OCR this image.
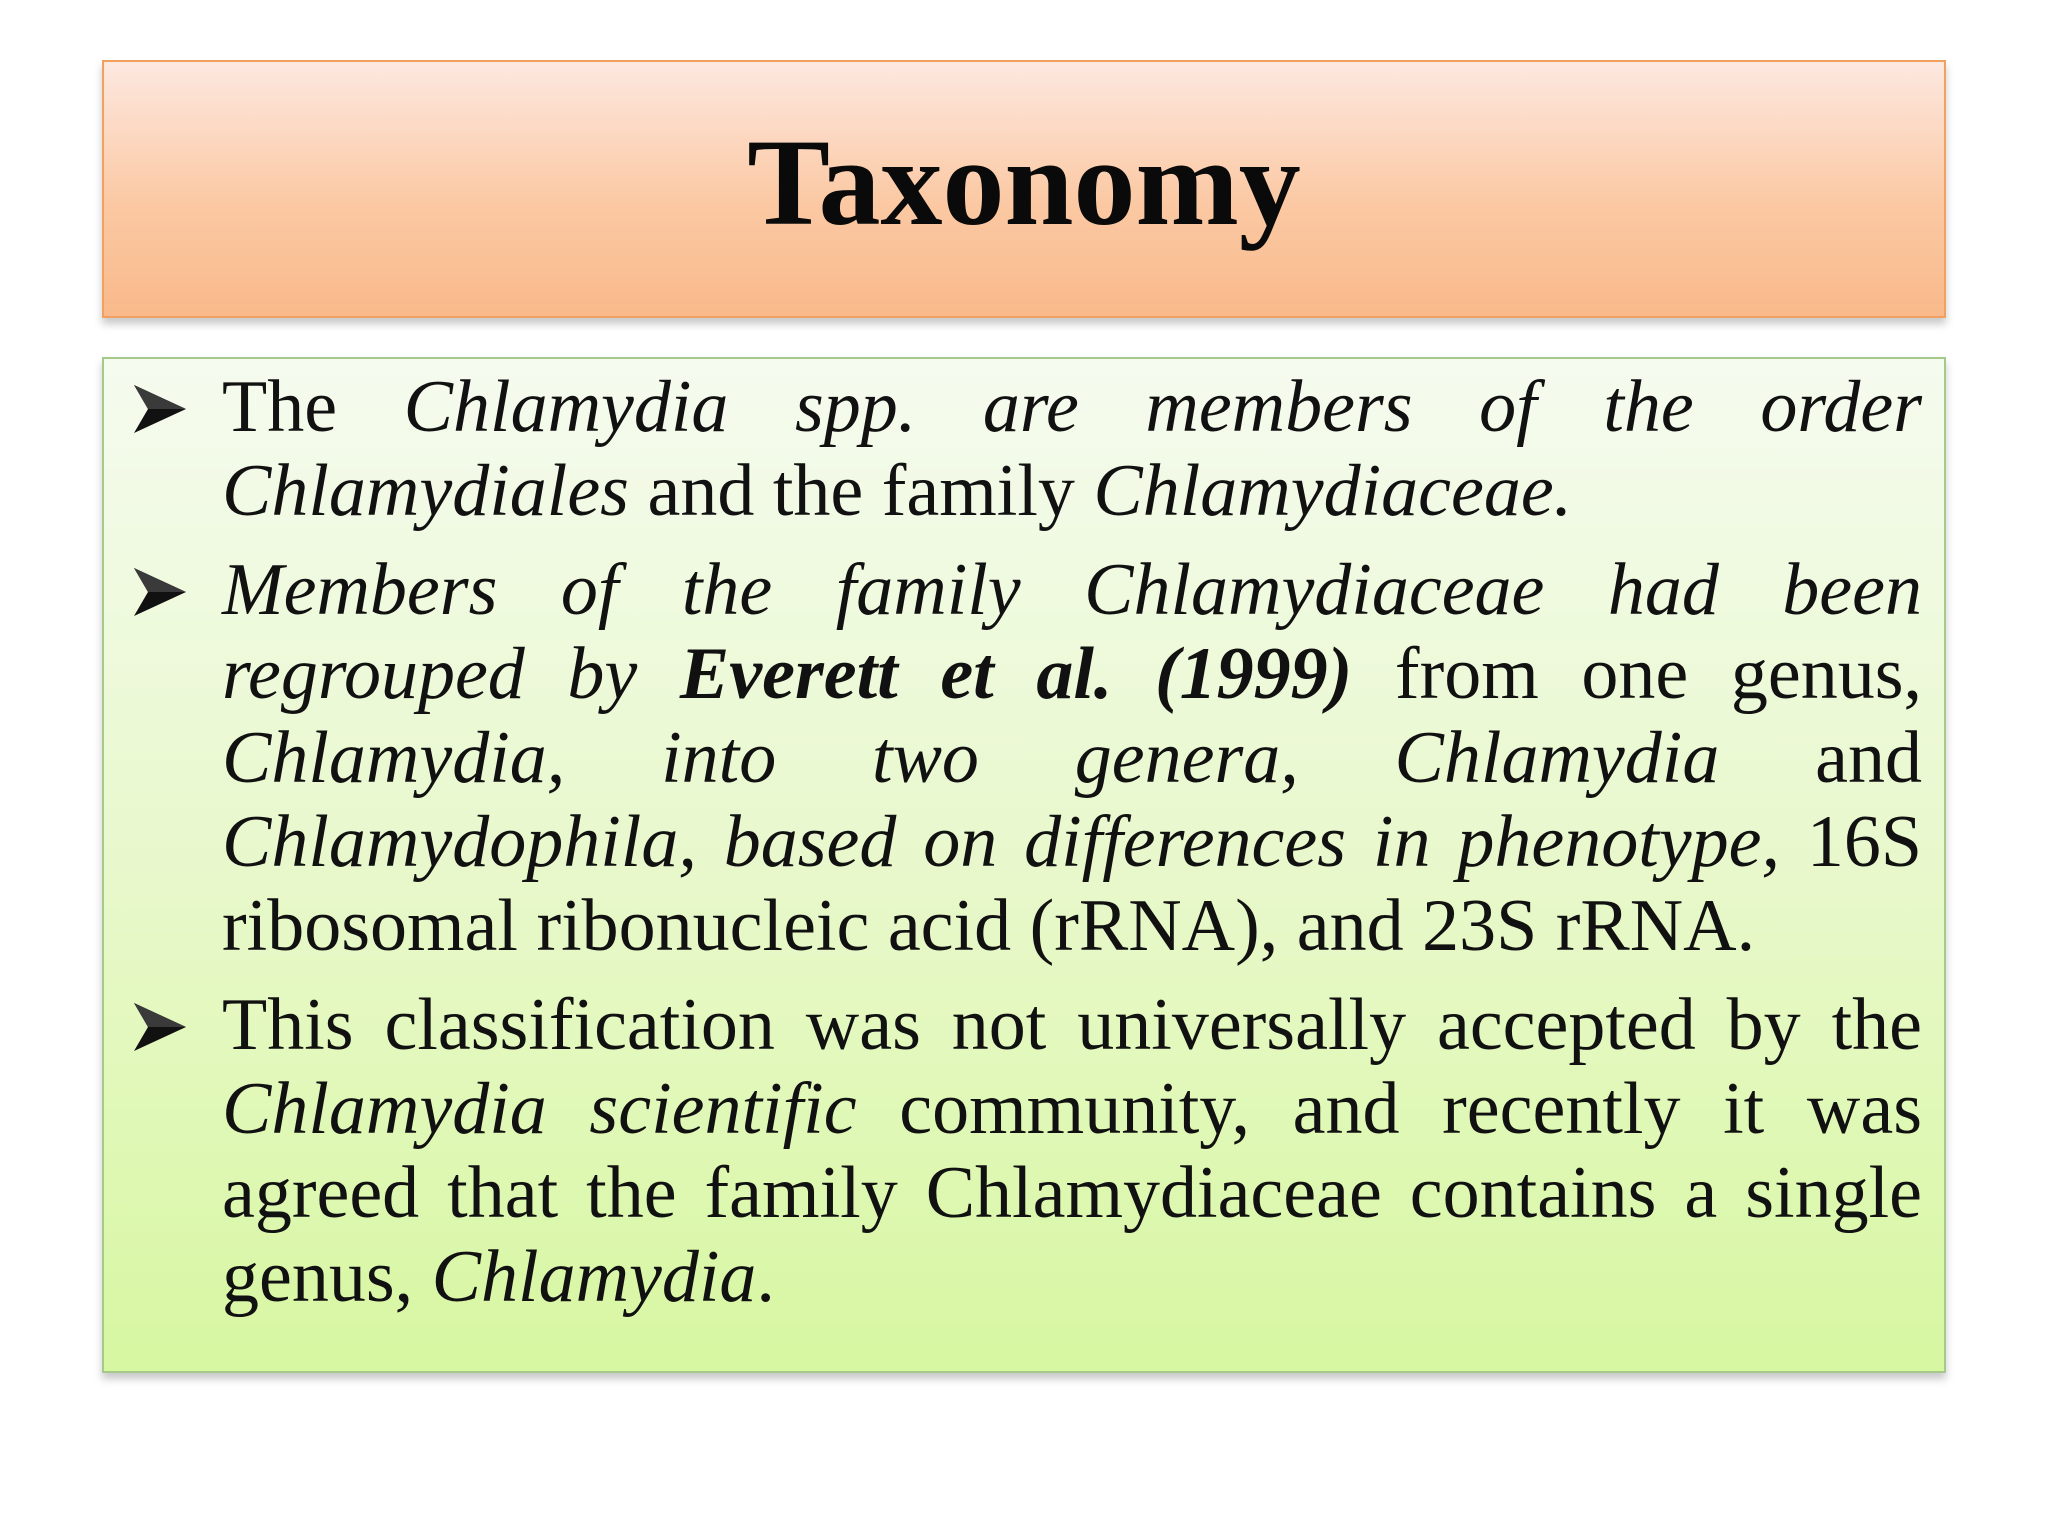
Taxonomy
The Chlamydia spp. are members of the order Chlamydiales and the family Chlamydiaceae.
Members of the family Chlamydiaceae had been regrouped by Everett et al. (1999) from one genus, Chlamydia, into two genera, Chlamydia and Chlamydophila, based on differences in phenotype, 16S ribosomal ribonucleic acid (rRNA), and 23S rRNA.
This classification was not universally accepted by the Chlamydia scientific community, and recently it was agreed that the family Chlamydiaceae contains a single genus, Chlamydia.
